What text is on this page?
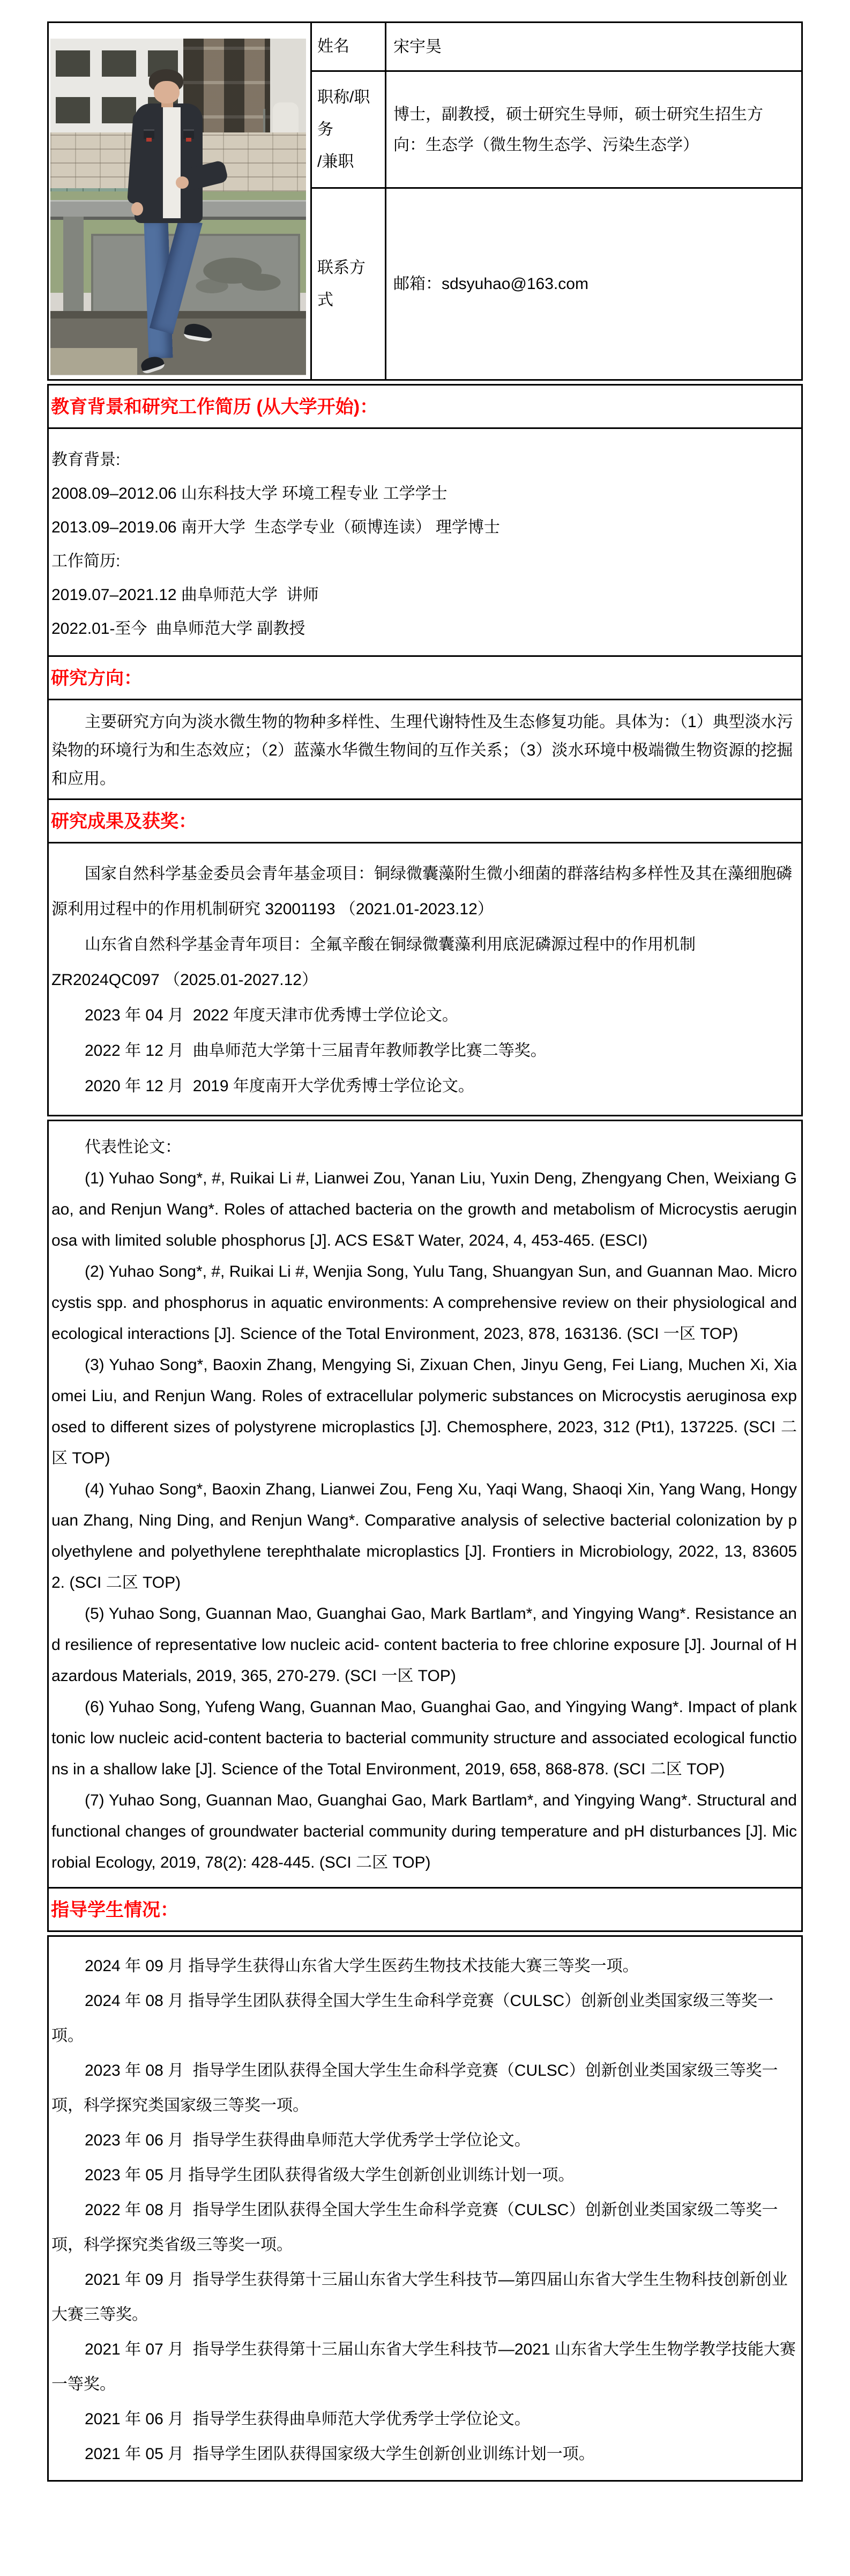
	姓名	宋宇昊

	职称/职务
/兼职	博士，副教授，硕士研究生导师，硕士研究生招生方向：生态学（微生物生态学、污染生态学）

	联系方式	邮箱：sdsyuhao@163.com
教育背景和研究工作简历 (从大学开始)：

教育背景:

2008.09–2012.06 山东科技大学 环境工程专业 工学学士

2013.09–2019.06 南开大学  生态学专业（硕博连读） 理学博士

工作简历:

2019.07–2021.12 曲阜师范大学  讲师

2022.01-至今  曲阜师范大学 副教授

研究方向：

主要研究方向为淡水微生物的物种多样性、生理代谢特性及生态修复功能。具体为：（1）典型淡水污染物的环境行为和生态效应；（2）蓝藻水华微生物间的互作关系；（3）淡水环境中极端微生物资源的挖掘和应用。

研究成果及获奖：

国家自然科学基金委员会青年基金项目：铜绿微囊藻附生微小细菌的群落结构多样性及其在藻细胞磷源利用过程中的作用机制研究 32001193 （2021.01-2023.12）

山东省自然科学基金青年项目：全氟辛酸在铜绿微囊藻利用底泥磷源过程中的作用机制 ZR2024QC097 （2025.01-2027.12）

2023 年 04 月  2022 年度天津市优秀博士学位论文。

2022 年 12 月  曲阜师范大学第十三届青年教师教学比赛二等奖。

2020 年 12 月  2019 年度南开大学优秀博士学位论文。

代表性论文：

(1) Yuhao Song*, #, Ruikai Li #, Lianwei Zou, Yanan Liu, Yuxin Deng, Zhengyang Chen, Weixiang Gao, and Renjun Wang*. Roles of attached bacteria on the growth and metabolism of Microcystis aeruginosa with limited soluble phosphorus [J]. ACS ES&T Water, 2024, 4, 453-465. (ESCI)

(2) Yuhao Song*, #, Ruikai Li #, Wenjia Song, Yulu Tang, Shuangyan Sun, and Guannan Mao. Microcystis spp. and phosphorus in aquatic environments: A comprehensive review on their physiological and ecological interactions [J]. Science of the Total Environment, 2023, 878, 163136. (SCI 一区 TOP)

(3) Yuhao Song*, Baoxin Zhang, Mengying Si, Zixuan Chen, Jinyu Geng, Fei Liang, Muchen Xi, Xiaomei Liu, and Renjun Wang. Roles of extracellular polymeric substances on Microcystis aeruginosa exposed to different sizes of polystyrene microplastics [J]. Chemosphere, 2023, 312 (Pt1), 137225. (SCI 二区 TOP)

(4) Yuhao Song*, Baoxin Zhang, Lianwei Zou, Feng Xu, Yaqi Wang, Shaoqi Xin, Yang Wang, Hongyuan Zhang, Ning Ding, and Renjun Wang*. Comparative analysis of selective bacterial colonization by polyethylene and polyethylene terephthalate microplastics [J]. Frontiers in Microbiology, 2022, 13, 836052. (SCI 二区 TOP)

(5) Yuhao Song, Guannan Mao, Guanghai Gao, Mark Bartlam*, and Yingying Wang*. Resistance and resilience of representative low nucleic acid- content bacteria to free chlorine exposure [J]. Journal of Hazardous Materials, 2019, 365, 270-279. (SCI 一区 TOP)

(6) Yuhao Song, Yufeng Wang, Guannan Mao, Guanghai Gao, and Yingying Wang*. Impact of planktonic low nucleic acid-content bacteria to bacterial community structure and associated ecological functions in a shallow lake [J]. Science of the Total Environment, 2019, 658, 868-878. (SCI 二区 TOP)

(7) Yuhao Song, Guannan Mao, Guanghai Gao, Mark Bartlam*, and Yingying Wang*. Structural and functional changes of groundwater bacterial community during temperature and pH disturbances [J]. Microbial Ecology, 2019, 78(2): 428-445. (SCI 二区 TOP)

指导学生情况：

2024 年 09 月 指导学生获得山东省大学生医药生物技术技能大赛三等奖一项。

2024 年 08 月 指导学生团队获得全国大学生生命科学竞赛（CULSC）创新创业类国家级三等奖一项。

2023 年 08 月  指导学生团队获得全国大学生生命科学竞赛（CULSC）创新创业类国家级三等奖一项，科学探究类国家级三等奖一项。

2023 年 06 月  指导学生获得曲阜师范大学优秀学士学位论文。

2023 年 05 月 指导学生团队获得省级大学生创新创业训练计划一项。

2022 年 08 月  指导学生团队获得全国大学生生命科学竞赛（CULSC）创新创业类国家级二等奖一项，科学探究类省级三等奖一项。

2021 年 09 月  指导学生获得第十三届山东省大学生科技节—第四届山东省大学生生物科技创新创业大赛三等奖。

2021 年 07 月  指导学生获得第十三届山东省大学生科技节—2021 山东省大学生生物学教学技能大赛一等奖。

2021 年 06 月  指导学生获得曲阜师范大学优秀学士学位论文。

2021 年 05 月  指导学生团队获得国家级大学生创新创业训练计划一项。
